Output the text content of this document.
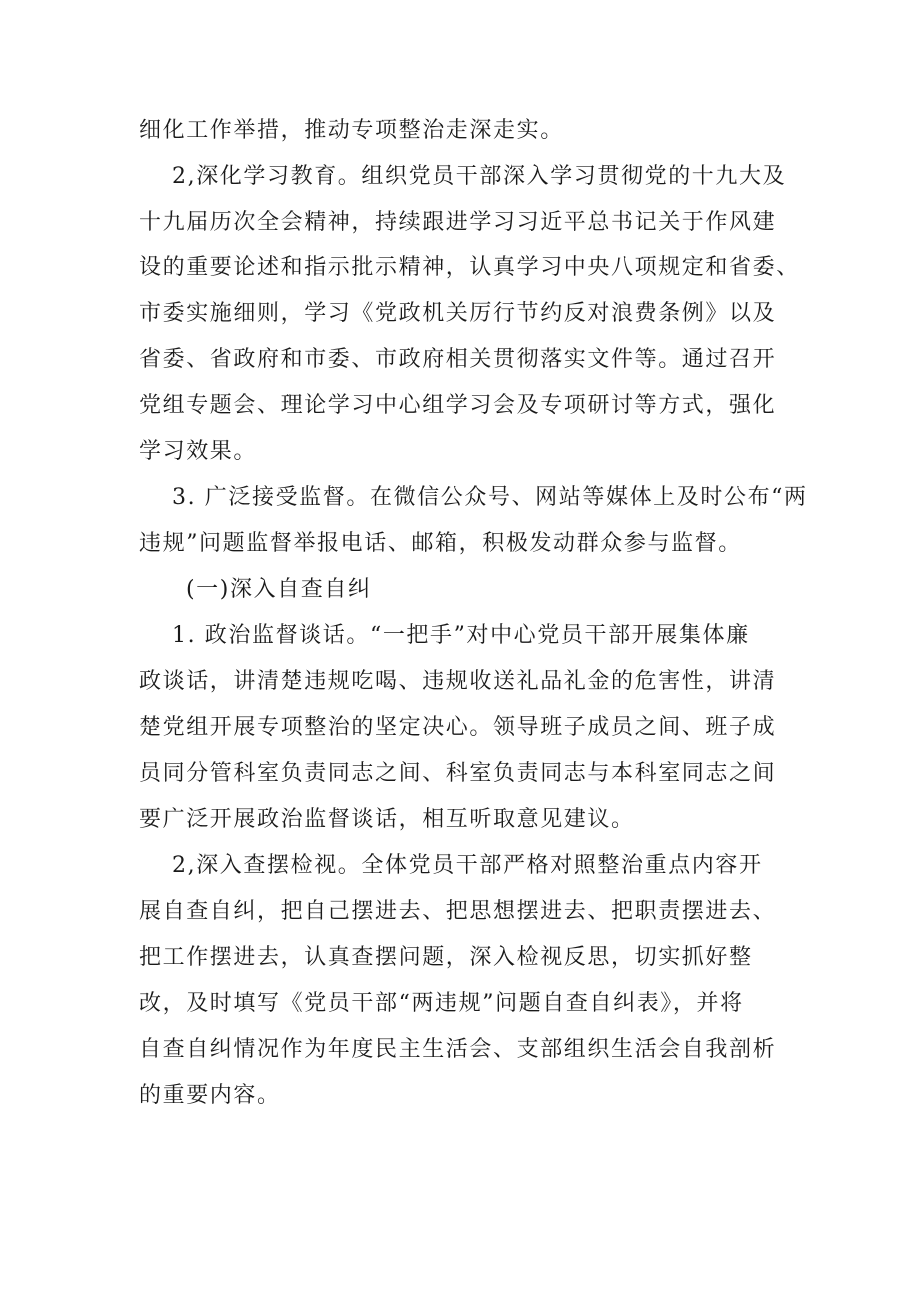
细化工作举措，推动专项整治走深走实。
2,深化学习教育。组织党员干部深入学习贯彻党的十九大及
十九届历次全会精神，持续跟进学习习近平总书记关于作风建
设的重要论述和指示批示精神，认真学习中央八项规定和省委、
市委实施细则，学习《党政机关厉行节约反对浪费条例》以及
省委、省政府和市委、市政府相关贯彻落实文件等。通过召开
党组专题会、理论学习中心组学习会及专项研讨等方式，强化
学习效果。
3. 广泛接受监督。在微信公众号、网站等媒体上及时公布“两
违规”问题监督举报电话、邮箱，积极发动群众参与监督。
(一)深入自查自纠
1. 政治监督谈话。“一把手”对中心党员干部开展集体廉
政谈话，讲清楚违规吃喝、违规收送礼品礼金的危害性，讲清
楚党组开展专项整治的坚定决心。领导班子成员之间、班子成
员同分管科室负责同志之间、科室负责同志与本科室同志之间
要广泛开展政治监督谈话，相互听取意见建议。
2,深入查摆检视。全体党员干部严格对照整治重点内容开
展自查自纠，把自己摆进去、把思想摆进去、把职责摆进去、
把工作摆进去，认真查摆问题，深入检视反思，切实抓好整
改，及时填写《党员干部“两违规”问题自查自纠表》，并将
自查自纠情况作为年度民主生活会、支部组织生活会自我剖析
的重要内容。
